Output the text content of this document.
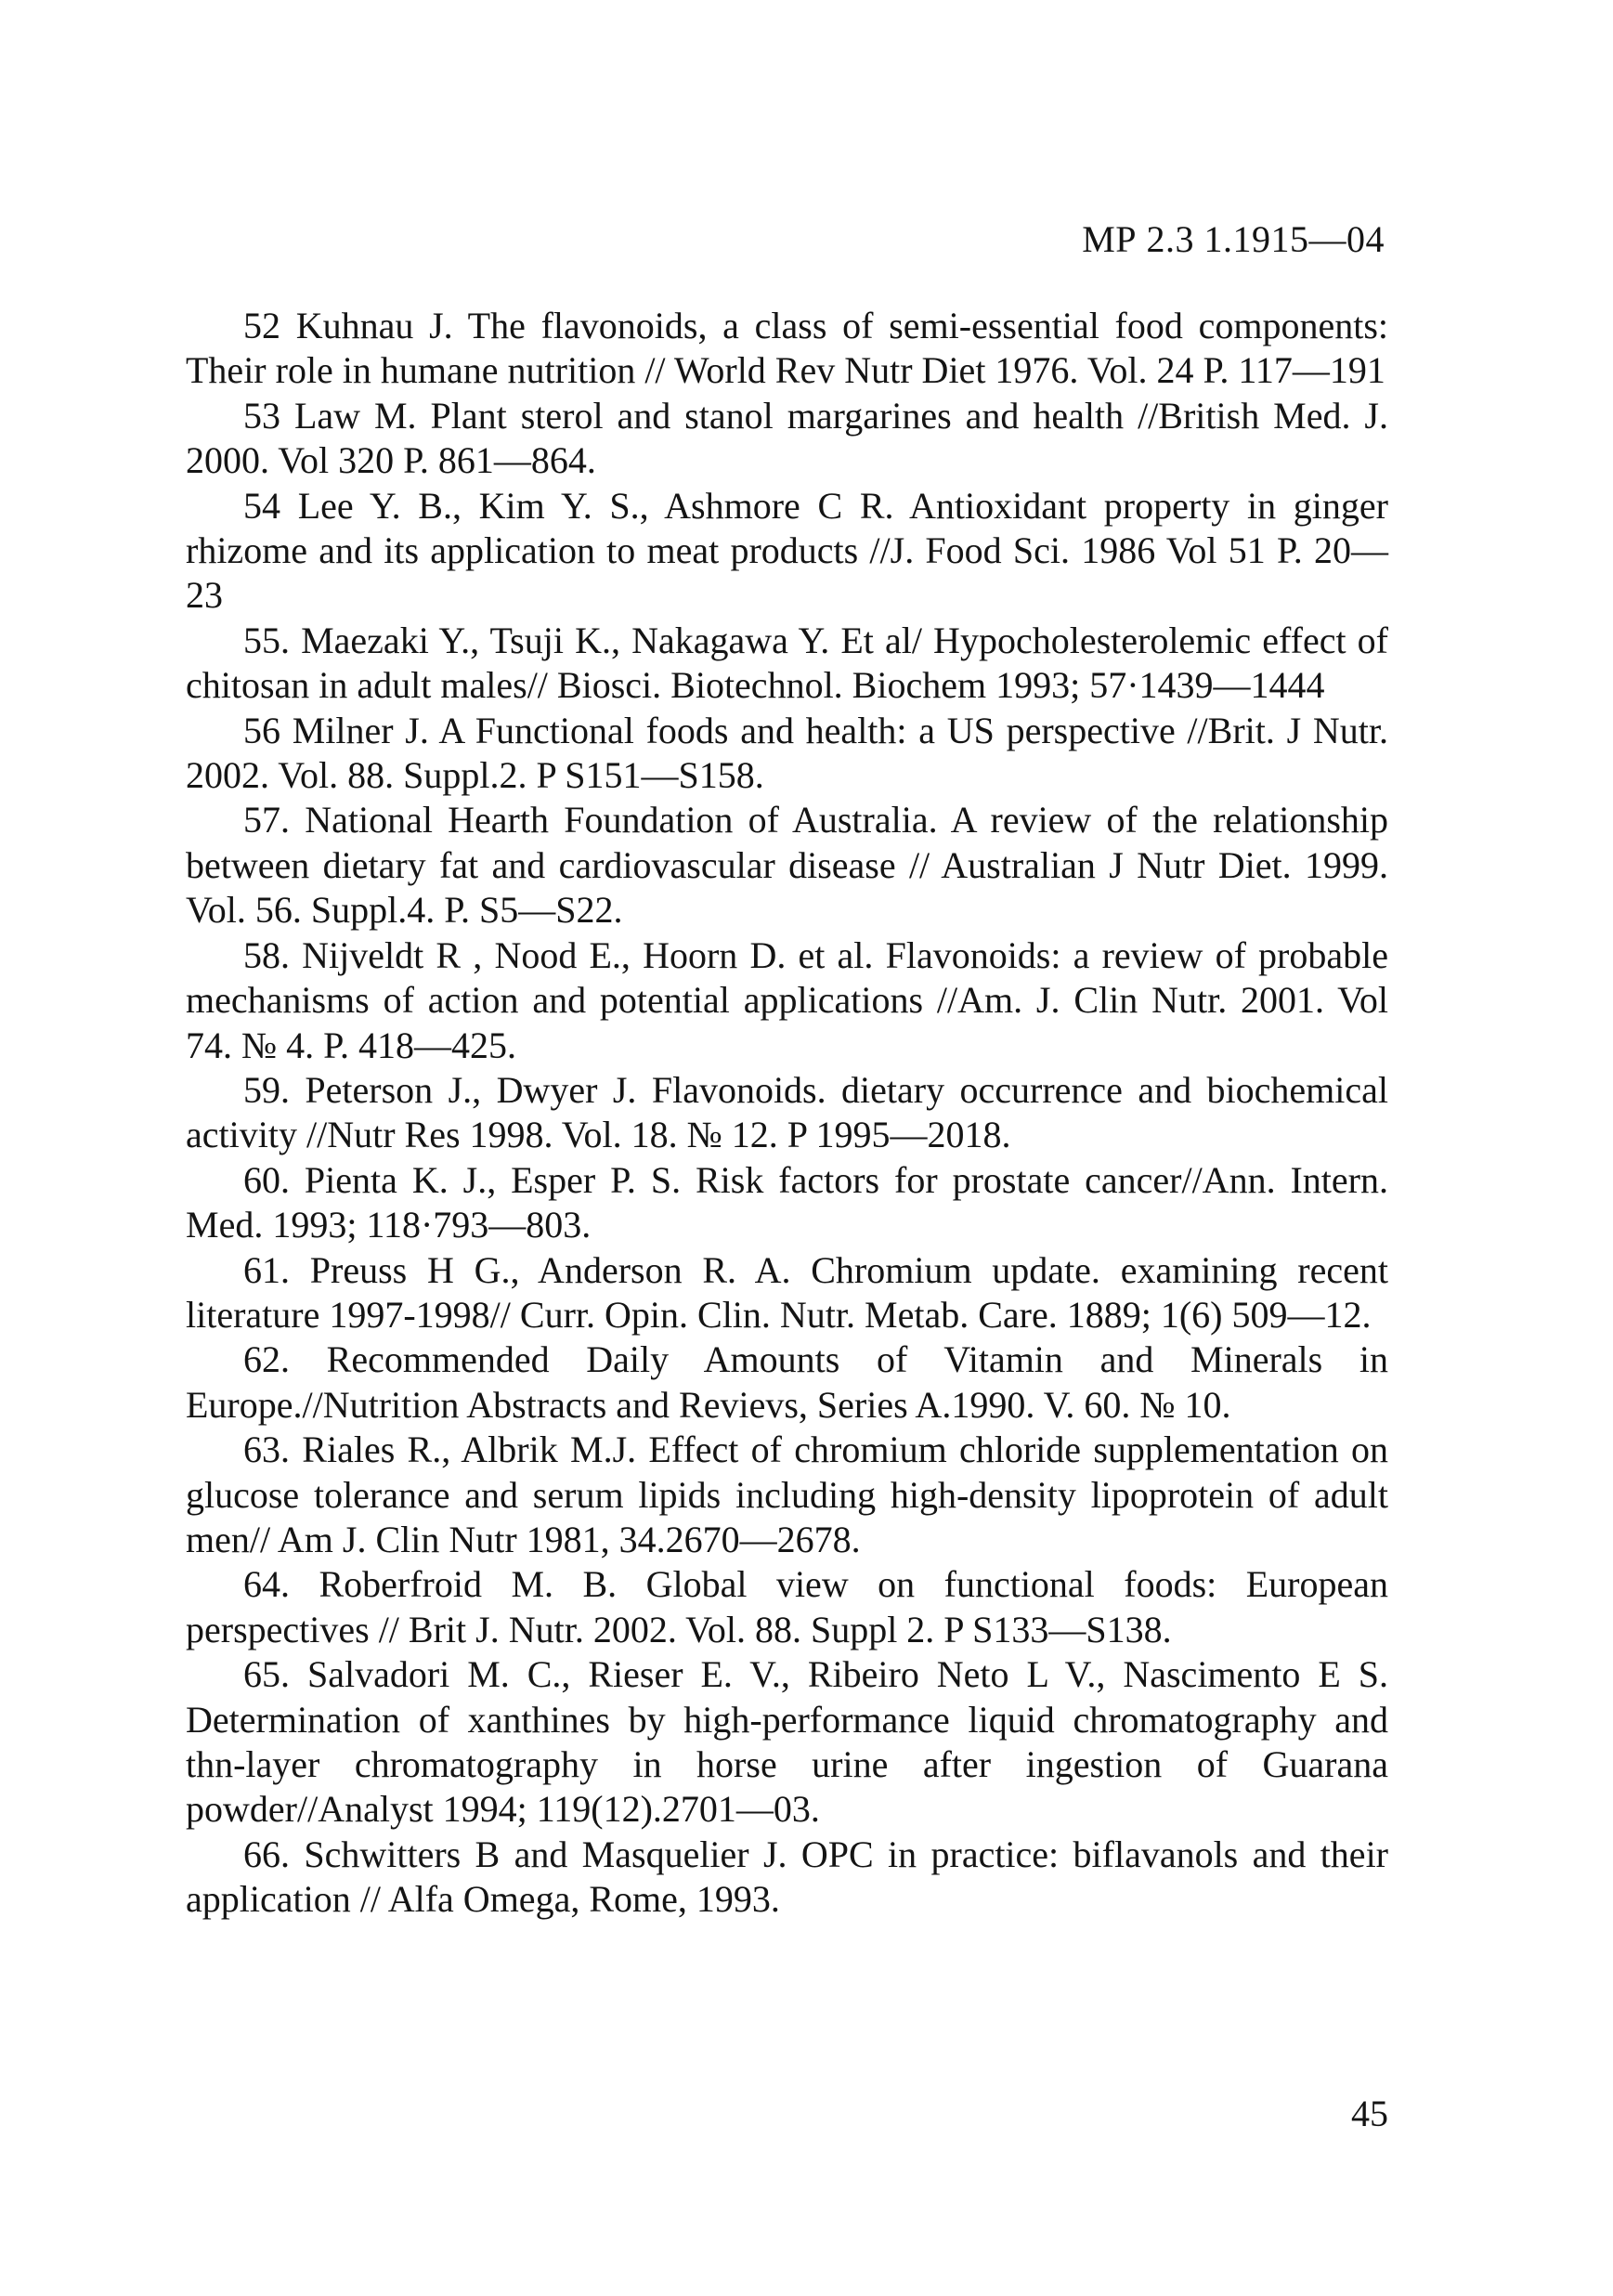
МР 2.3 1.1915—04

52 Kuhnau J. The flavonoids, a class of semi-essential food components: Their role in humane nutrition // World Rev Nutr Diet 1976. Vol. 24 P. 117—191

53 Law M. Plant sterol and stanol margarines and health //British Med. J. 2000. Vol 320 P. 861—864.

54 Lee Y. B., Kim Y. S., Ashmore C R. Antioxidant property in ginger rhizome and its application to meat products //J. Food Sci. 1986 Vol 51 P. 20—23

55. Maezaki Y., Tsuji K., Nakagawa Y. Et al/ Hypocholesterolemic effect of chitosan in adult males// Biosci. Biotechnol. Biochem 1993; 57·1439—1444

56 Milner J. A Functional foods and health: a US perspective //Brit. J Nutr. 2002. Vol. 88. Suppl.2. P S151—S158.

57. National Hearth Foundation of Australia. A review of the relationship between dietary fat and cardiovascular disease // Australian J Nutr Diet. 1999. Vol. 56. Suppl.4. P. S5—S22.

58. Nijveldt R , Nood E., Hoorn D. et al. Flavonoids: a review of probable mechanisms of action and potential applications //Am. J. Clin Nutr. 2001. Vol 74. № 4. P. 418—425.

59. Peterson J., Dwyer J. Flavonoids. dietary occurrence and biochemical activity //Nutr Res 1998. Vol. 18. № 12. P 1995—2018.

60. Pienta K. J., Esper P. S. Risk factors for prostate cancer//Ann. Intern. Med. 1993; 118·793—803.

61. Preuss H G., Anderson R. A. Chromium update. examining recent literature 1997-1998// Curr. Opin. Clin. Nutr. Metab. Care. 1889; 1(6) 509—12.

62. Recommended Daily Amounts of Vitamin and Minerals in Europe.//Nutrition Abstracts and Revievs, Series A.1990. V. 60. № 10.

63. Riales R., Albrik M.J. Effect of chromium chloride supplementation on glucose tolerance and serum lipids including high-density lipoprotein of adult men// Am J. Clin Nutr 1981, 34.2670—2678.

64. Roberfroid M. B. Global view on functional foods: European perspectives // Brit J. Nutr. 2002. Vol. 88. Suppl 2. P S133—S138.

65. Salvadori M. C., Rieser E. V., Ribeiro Neto L V., Nascimento E S. Determination of xanthines by high-performance liquid chromatography and thn-layer chromatography in horse urine after ingestion of Guarana powder//Analyst 1994; 119(12).2701—03.

66. Schwitters B and Masquelier J. OPC in practice: biflavanols and their application // Alfa Omega, Rome, 1993.

45
